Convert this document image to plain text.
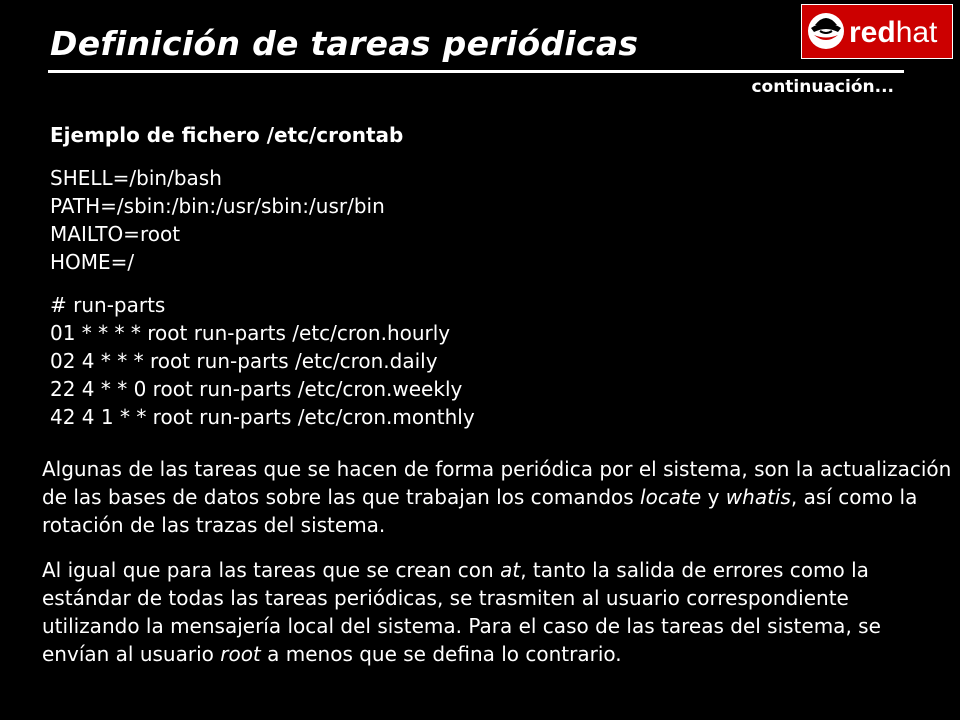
Definición de tareas periódicas
continuación...
redhat
Ejemplo de fichero /etc/crontab
SHELL=/bin/bash
PATH=/sbin:/bin:/usr/sbin:/usr/bin
MAILTO=root
HOME=/
# run-parts
01 * * * * root run-parts /etc/cron.hourly
02 4 * * * root run-parts /etc/cron.daily
22 4 * * 0 root run-parts /etc/cron.weekly
42 4 1 * * root run-parts /etc/cron.monthly
Algunas de las tareas que se hacen de forma periódica por el sistema, son la actualización de las bases de datos sobre las que trabajan los comandos locate y whatis, así como la rotación de las trazas del sistema.
Al igual que para las tareas que se crean con at, tanto la salida de errores como la estándar de todas las tareas periódicas, se trasmiten al usuario correspondiente utilizando la mensajería local del sistema. Para el caso de las tareas del sistema, se envían al usuario root a menos que se defina lo contrario.
